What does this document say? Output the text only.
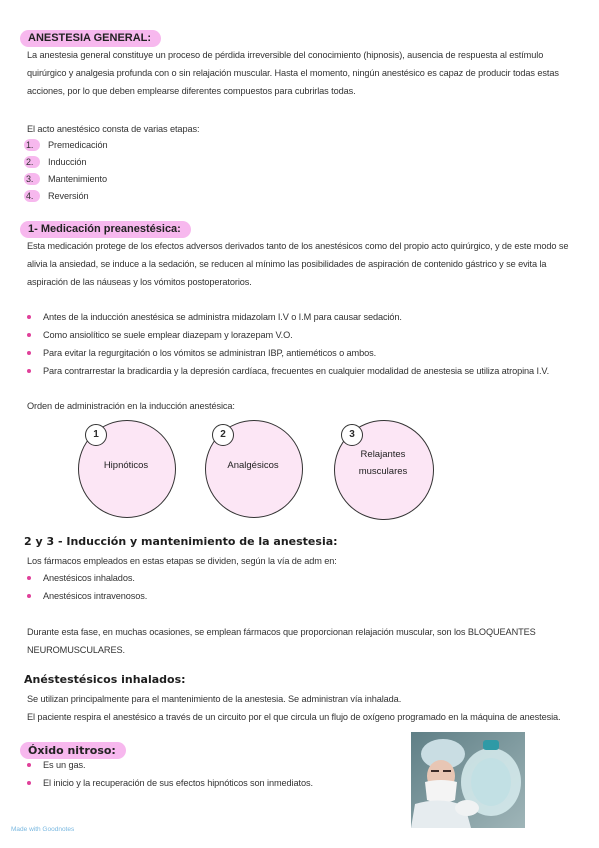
ANESTESIA GENERAL:
La anestesia general constituye un proceso de pérdida irreversible del conocimiento (hipnosis), ausencia de respuesta al estímulo
quirúrgico y analgesia profunda con o sin relajación muscular. Hasta el momento, ningún anestésico es capaz de producir todas estas
acciones, por lo que deben emplearse diferentes compuestos para cubrirlas todas.
El acto anestésico consta de varias etapas:
1.	Premedicación
2.	Inducción
3.	Mantenimiento
4.	Reversión
1- Medicación preanestésica:
Esta medicación protege de los efectos adversos derivados tanto de los anestésicos como del propio acto quirúrgico, y de este modo se
alivia la ansiedad, se induce a la sedación, se reducen al mínimo las posibilidades de aspiración de contenido gástrico y se evita la
aspiración de las náuseas y los vómitos postoperatorios.
Antes de la inducción anestésica se administra midazolam I.V o I.M para causar sedación.
Como ansiolítico se suele emplear diazepam y lorazepam V.O.
Para evitar la regurgitación o los vómitos se administran IBP, antieméticos o ambos.
Para contrarrestar la bradicardia y la depresión cardíaca, frecuentes en cualquier modalidad de anestesia se utiliza atropina I.V.
Orden de administración en la inducción anestésica:
1
Hipnóticos
2
Analgésicos
3
Relajantes
musculares
2 y 3 - Inducción y mantenimiento de la anestesia:
Los fármacos empleados en estas etapas se dividen, según la vía de adm en:
Anestésicos inhalados.
Anestésicos intravenosos.
Durante esta fase, en muchas ocasiones, se emplean fármacos que proporcionan relajación muscular, son los BLOQUEANTES
NEUROMUSCULARES.
Anéstestésicos inhalados:
Se utilizan principalmente para el mantenimiento de la anestesia. Se administran vía inhalada.
El paciente respira el anestésico a través de un circuito por el que circula un flujo de oxígeno programado en la máquina de anestesia.
Óxido nitroso:
Es un gas.
El inicio y la recuperación de sus efectos hipnóticos son inmediatos.
Made with Goodnotes
